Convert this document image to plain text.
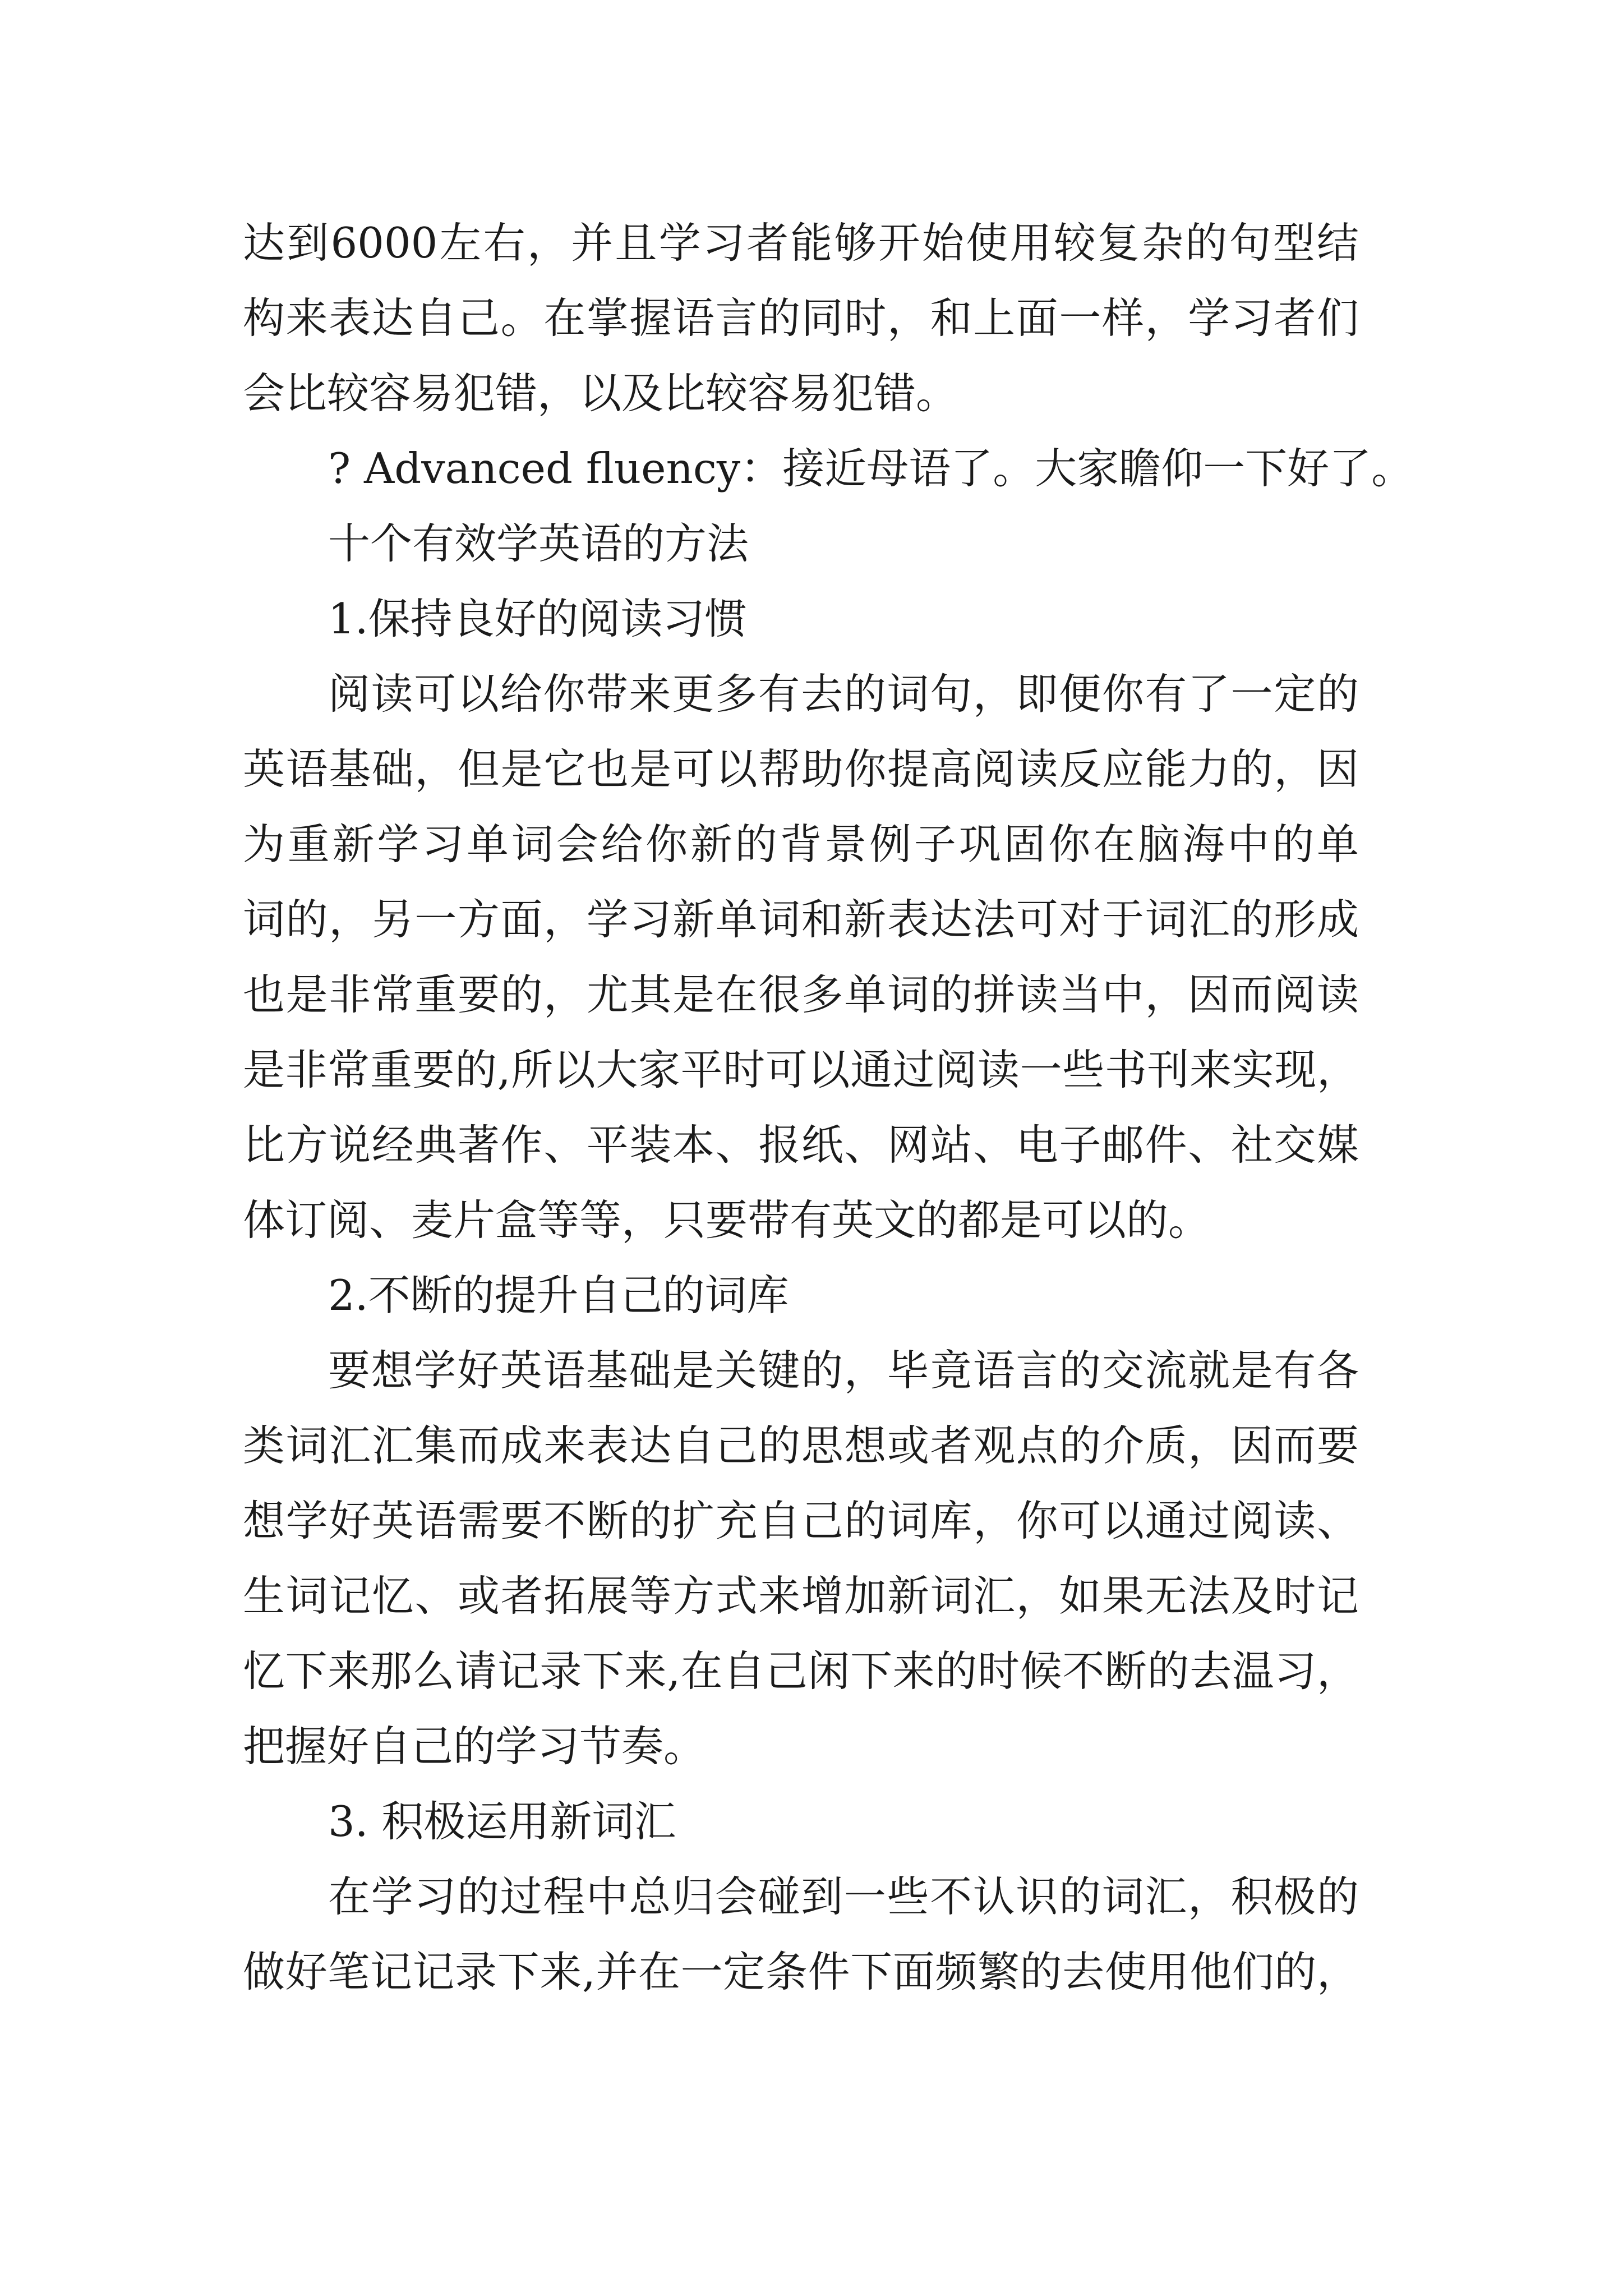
达到6000左右，并且学习者能够开始使用较复杂的句型结
构来表达自己。在掌握语言的同时，和上面一样，学习者们
会比较容易犯错，以及比较容易犯错。
? Advanced fluency：接近母语了。大家瞻仰一下好了。
十个有效学英语的方法
1.保持良好的阅读习惯
阅读可以给你带来更多有去的词句，即便你有了一定的
英语基础，但是它也是可以帮助你提高阅读反应能力的，因
为重新学习单词会给你新的背景例子巩固你在脑海中的单
词的，另一方面，学习新单词和新表达法可对于词汇的形成
也是非常重要的，尤其是在很多单词的拼读当中，因而阅读
是非常重要的,所以大家平时可以通过阅读一些书刊来实现，
比方说经典著作、平装本、报纸、网站、电子邮件、社交媒
体订阅、麦片盒等等，只要带有英文的都是可以的。
2.不断的提升自己的词库
要想学好英语基础是关键的，毕竟语言的交流就是有各
类词汇汇集而成来表达自己的思想或者观点的介质，因而要
想学好英语需要不断的扩充自己的词库，你可以通过阅读、
生词记忆、或者拓展等方式来增加新词汇，如果无法及时记
忆下来那么请记录下来,在自己闲下来的时候不断的去温习，
把握好自己的学习节奏。
3. 积极运用新词汇
在学习的过程中总归会碰到一些不认识的词汇，积极的
做好笔记记录下来,并在一定条件下面频繁的去使用他们的，
